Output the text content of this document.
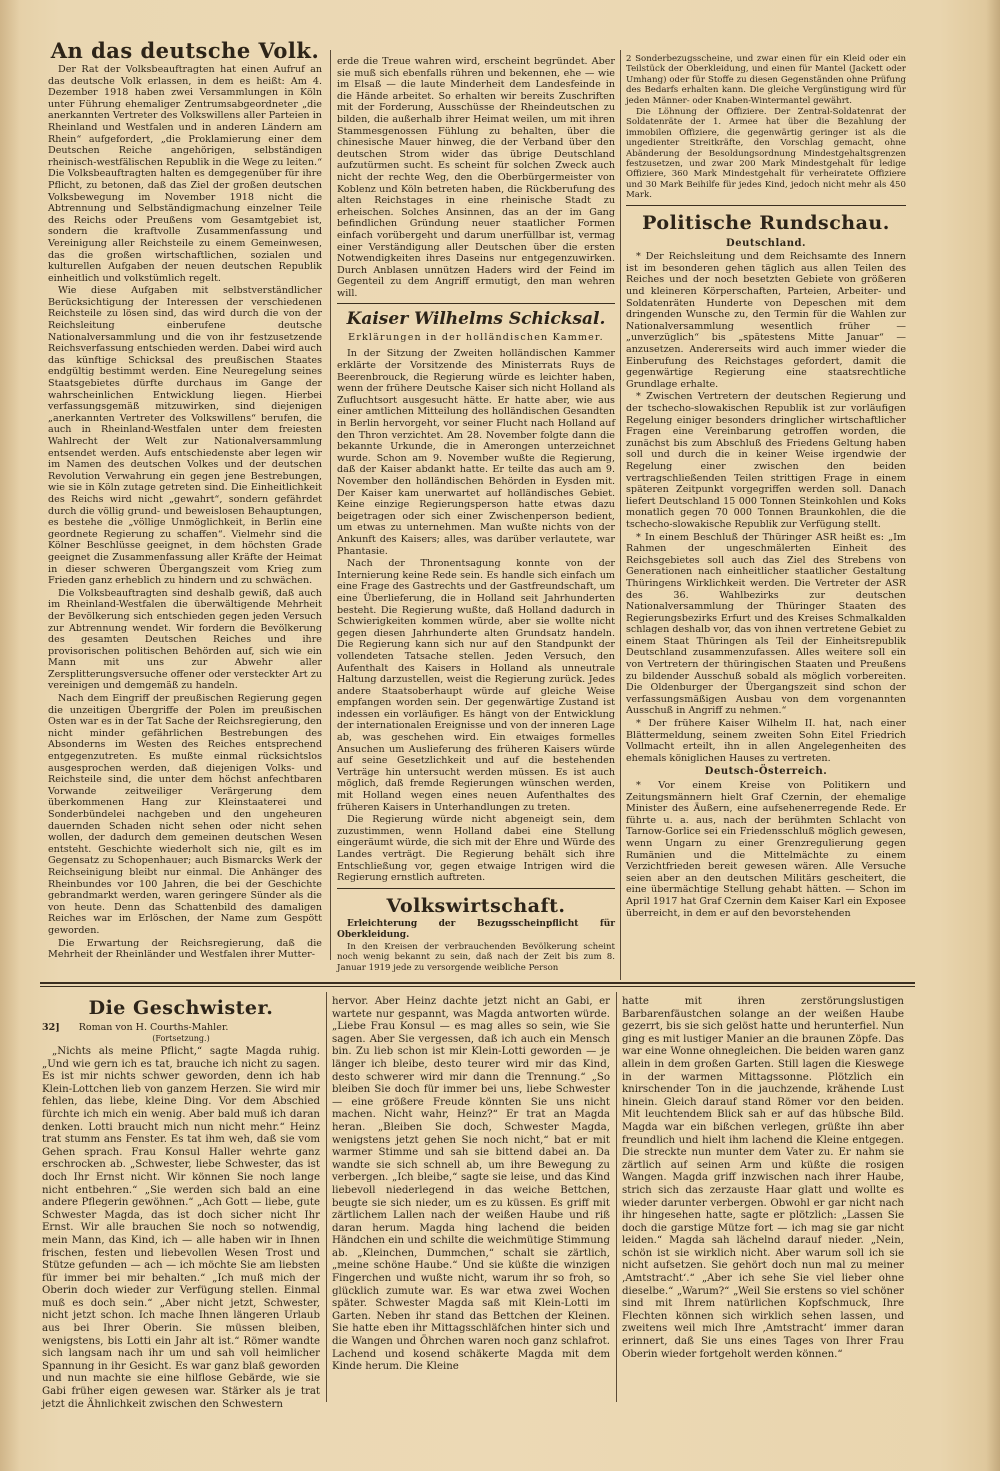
An das deutsche Volk.

Der Rat der Volksbeauftragten hat einen Aufruf an das deutsche Volk erlassen, in dem es heißt: Am 4. Dezember 1918 haben zwei Versammlungen in Köln unter Führung ehemaliger Zentrumsabgeordneter „die anerkannten Vertreter des Volkswillens aller Parteien in Rheinland und Westfalen und in anderen Ländern am Rhein“ aufgefordert, „die Proklamierung einer dem Deutschen Reiche angehörigen, selbständigen rheinisch-westfälischen Republik in die Wege zu leiten.“ Die Volksbeauftragten halten es demgegenüber für ihre Pflicht, zu betonen, daß das Ziel der großen deutschen Volksbewegung im November 1918 nicht die Abtrennung und Selbständigmachung einzelner Teile des Reichs oder Preußens vom Gesamtgebiet ist, sondern die kraftvolle Zusammenfassung und Vereinigung aller Reichsteile zu einem Gemeinwesen, das die großen wirtschaftlichen, sozialen und kulturellen Aufgaben der neuen deutschen Republik einheitlich und volkstümlich regelt.

Wie diese Aufgaben mit selbstverständlicher Berücksichtigung der Interessen der verschiedenen Reichsteile zu lösen sind, das wird durch die von der Reichsleitung einberufene deutsche Nationalversammlung und die von ihr festzusetzende Reichsverfassung entschieden werden. Dabei wird auch das künftige Schicksal des preußischen Staates endgültig bestimmt werden. Eine Neuregelung seines Staatsgebietes dürfte durchaus im Gange der wahrscheinlichen Entwicklung liegen. Hierbei verfassungsgemäß mitzuwirken, sind diejenigen „anerkannten Vertreter des Volkswillens“ berufen, die auch in Rheinland-Westfalen unter dem freiesten Wahlrecht der Welt zur Nationalversammlung entsendet werden. Aufs entschiedenste aber legen wir im Namen des deutschen Volkes und der deutschen Revolution Verwahrung ein gegen jene Bestrebungen, wie sie in Köln zutage getreten sind. Die Einheitlichkeit des Reichs wird nicht „gewahrt“, sondern gefährdet durch die völlig grund- und beweislosen Behauptungen, es bestehe die „völlige Unmöglichkeit, in Berlin eine geordnete Regierung zu schaffen“. Vielmehr sind die Kölner Beschlüsse geeignet, in dem höchsten Grade geeignet die Zusammenfassung aller Kräfte der Heimat in dieser schweren Übergangszeit vom Krieg zum Frieden ganz erheblich zu hindern und zu schwächen.

Die Volksbeauftragten sind deshalb gewiß, daß auch im Rheinland-Westfalen die überwältigende Mehrheit der Bevölkerung sich entschieden gegen jeden Versuch zur Abtrennung wendet. Wir fordern die Bevölkerung des gesamten Deutschen Reiches und ihre provisorischen politischen Behörden auf, sich wie ein Mann mit uns zur Abwehr aller Zersplitterungsversuche offener oder versteckter Art zu vereinigen und demgemäß zu handeln.

Nach dem Eingriff der preußischen Regierung gegen die unzeitigen Übergriffe der Polen im preußischen Osten war es in der Tat Sache der Reichsregierung, den nicht minder gefährlichen Bestrebungen des Absonderns im Westen des Reiches entsprechend entgegenzutreten. Es mußte einmal rücksichtslos ausgesprochen werden, daß diejenigen Volks- und Reichsteile sind, die unter dem höchst anfechtbaren Vorwande zeitweiliger Verärgerung dem überkommenen Hang zur Kleinstaaterei und Sonderbündelei nachgeben und den ungeheuren dauernden Schaden nicht sehen oder nicht sehen wollen, der dadurch dem gemeinen deutschen Wesen entsteht. Geschichte wiederholt sich nie, gilt es im Gegensatz zu Schopenhauer; auch Bismarcks Werk der Reichseinigung bleibt nur einmal. Die Anhänger des Rheinbundes vor 100 Jahren, die bei der Geschichte gebrandmarkt werden, waren geringere Sünder als die von heute. Denn das Schattenbild des damaligen Reiches war im Erlöschen, der Name zum Gespött geworden.

Die Erwartung der Reichsregierung, daß die Mehrheit der Rheinländer und Westfalen ihrer Mutter-

erde die Treue wahren wird, erscheint begründet. Aber sie muß sich ebenfalls rühren und bekennen, ehe — wie im Elsaß — die laute Minderheit dem Landesfeinde in die Hände arbeitet. So erhalten wir bereits Zuschriften mit der Forderung, Ausschüsse der Rheindeutschen zu bilden, die außerhalb ihrer Heimat weilen, um mit ihren Stammesgenossen Fühlung zu behalten, über die chinesische Mauer hinweg, die der Verband über den deutschen Strom wider das übrige Deutschland aufzutürmen sucht. Es scheint für solchen Zweck auch nicht der rechte Weg, den die Oberbürgermeister von Koblenz und Köln betreten haben, die Rückberufung des alten Reichstages in eine rheinische Stadt zu erheischen. Solches Ansinnen, das an der im Gang befindlichen Gründung neuer staatlicher Formen einfach vorübergeht und darum unerfüllbar ist, vermag einer Verständigung aller Deutschen über die ersten Notwendigkeiten ihres Daseins nur entgegenzuwirken. Durch Anblasen unnützen Haders wird der Feind im Gegenteil zu dem Angriff ermutigt, den man wehren will.

Kaiser Wilhelms Schicksal.
Erklärungen in der holländischen Kammer.

In der Sitzung der Zweiten holländischen Kammer erklärte der Vorsitzende des Ministerrats Ruys de Beerenbrouck, die Regierung würde es leichter haben, wenn der frühere Deutsche Kaiser sich nicht Holland als Zufluchtsort ausgesucht hätte. Er hatte aber, wie aus einer amtlichen Mitteilung des holländischen Gesandten in Berlin hervorgeht, vor seiner Flucht nach Holland auf den Thron verzichtet. Am 28. November folgte dann die bekannte Urkunde, die in Amerongen unterzeichnet wurde. Schon am 9. November wußte die Regierung, daß der Kaiser abdankt hatte. Er teilte das auch am 9. November den holländischen Behörden in Eysden mit. Der Kaiser kam unerwartet auf holländisches Gebiet. Keine einzige Regierungsperson hatte etwas dazu beigetragen oder sich einer Zwischenperson bedient, um etwas zu unternehmen. Man wußte nichts von der Ankunft des Kaisers; alles, was darüber verlautete, war Phantasie.

Nach der Thronentsagung konnte von der Internierung keine Rede sein. Es handle sich einfach um eine Frage des Gastrechts und der Gastfreundschaft, um eine Überlieferung, die in Holland seit Jahrhunderten besteht. Die Regierung wußte, daß Holland dadurch in Schwierigkeiten kommen würde, aber sie wollte nicht gegen diesen Jahrhunderte alten Grundsatz handeln. Die Regierung kann sich nur auf den Standpunkt der vollendeten Tatsache stellen. Jeden Versuch, den Aufenthalt des Kaisers in Holland als unneutrale Haltung darzustellen, weist die Regierung zurück. Jedes andere Staatsoberhaupt würde auf gleiche Weise empfangen worden sein. Der gegenwärtige Zustand ist indessen ein vorläufiger. Es hängt von der Entwicklung der internationalen Ereignisse und von der inneren Lage ab, was geschehen wird. Ein etwaiges formelles Ansuchen um Auslieferung des früheren Kaisers würde auf seine Gesetzlichkeit und auf die bestehenden Verträge hin untersucht werden müssen. Es ist auch möglich, daß fremde Regierungen wünschen werden, mit Holland wegen eines neuen Aufenthaltes des früheren Kaisers in Unterhandlungen zu treten.

Die Regierung würde nicht abgeneigt sein, dem zuzustimmen, wenn Holland dabei eine Stellung eingeräumt würde, die sich mit der Ehre und Würde des Landes verträgt. Die Regierung behält sich ihre Entschließung vor, gegen etwaige Intrigen wird die Regierung ernstlich auftreten.

Volkswirtschaft.

Erleichterung der Bezugsscheinpflicht für Oberkleidung.

In den Kreisen der verbrauchenden Bevölkerung scheint noch wenig bekannt zu sein, daß nach der Zeit bis zum 8. Januar 1919 jede zu versorgende weibliche Person

2 Sonderbezugsscheine, und zwar einen für ein Kleid oder ein Teilstück der Oberkleidung, und einen für Mantel (Jackett oder Umhang) oder für Stoffe zu diesen Gegenständen ohne Prüfung des Bedarfs erhalten kann. Die gleiche Vergünstigung wird für jeden Männer- oder Knaben-Wintermantel gewährt.

Die Löhnung der Offiziere. Der Zentral-Soldatenrat der Soldatenräte der 1. Armee hat über die Bezahlung der immobilen Offiziere, die gegenwärtig geringer ist als die ungedienter Streitkräfte, den Vorschlag gemacht, ohne Abänderung der Besoldungsordnung Mindestgehaltsgrenzen festzusetzen, und zwar 200 Mark Mindestgehalt für ledige Offiziere, 360 Mark Mindestgehalt für verheiratete Offiziere und 30 Mark Beihilfe für jedes Kind, jedoch nicht mehr als 450 Mark.

Politische Rundschau.
Deutschland.

* Der Reichsleitung und dem Reichsamte des Innern ist im besonderen gehen täglich aus allen Teilen des Reiches und der noch besetzten Gebiete von größeren und kleineren Körperschaften, Parteien, Arbeiter- und Soldatenräten Hunderte von Depeschen mit dem dringenden Wunsche zu, den Termin für die Wahlen zur Nationalversammlung wesentlich früher — „unverzüglich“ bis „spätestens Mitte Januar“ — anzusetzen. Andererseits wird auch immer wieder die Einberufung des Reichstages gefordert, damit die gegenwärtige Regierung eine staatsrechtliche Grundlage erhalte.

* Zwischen Vertretern der deutschen Regierung und der tschecho-slowakischen Republik ist zur vorläufigen Regelung einiger besonders dringlicher wirtschaftlicher Fragen eine Vereinbarung getroffen worden, die zunächst bis zum Abschluß des Friedens Geltung haben soll und durch die in keiner Weise irgendwie der Regelung einer zwischen den beiden vertragschließenden Teilen strittigen Frage in einem späteren Zeitpunkt vorgegriffen werden soll. Danach liefert Deutschland 15 000 Tonnen Steinkohlen und Koks monatlich gegen 70 000 Tonnen Braunkohlen, die die tschecho-slowakische Republik zur Verfügung stellt.

* In einem Beschluß der Thüringer ASR heißt es: „Im Rahmen der ungeschmälerten Einheit des Reichsgebietes soll auch das Ziel des Strebens von Generationen nach einheitlicher staatlicher Gestaltung Thüringens Wirklichkeit werden. Die Vertreter der ASR des 36. Wahlbezirks zur deutschen Nationalversammlung der Thüringer Staaten des Regierungsbezirks Erfurt und des Kreises Schmalkalden schlagen deshalb vor, das von ihnen vertretene Gebiet zu einem Staat Thüringen als Teil der Einheitsrepublik Deutschland zusammenzufassen. Alles weitere soll ein von Vertretern der thüringischen Staaten und Preußens zu bildender Ausschuß sobald als möglich vorbereiten. Die Oldenburger der Übergangszeit sind schon der verfassungsmäßigen Ausbau von dem vorgenannten Ausschuß in Angriff zu nehmen.“

* Der frühere Kaiser Wilhelm II. hat, nach einer Blättermeldung, seinem zweiten Sohn Eitel Friedrich Vollmacht erteilt, ihn in allen Angelegenheiten des ehemals königlichen Hauses zu vertreten.

Deutsch-Österreich.

* Vor einem Kreise von Politikern und Zeitungsmännern hielt Graf Czernin, der ehemalige Minister des Äußern, eine aufsehenerregende Rede. Er führte u. a. aus, nach der berühmten Schlacht von Tarnow-Gorlice sei ein Friedensschluß möglich gewesen, wenn Ungarn zu einer Grenzregulierung gegen Rumänien und die Mittelmächte zu einem Verzichtfrieden bereit gewesen wären. Alle Versuche seien aber an den deutschen Militärs gescheitert, die eine übermächtige Stellung gehabt hätten. — Schon im April 1917 hat Graf Czernin dem Kaiser Karl ein Exposee überreicht, in dem er auf den bevorstehenden

Die Geschwister.
32] Roman von H. Courths-Mahler.
(Fortsetzung.)

„Nichts als meine Pflicht,“ sagte Magda ruhig. „Und wie gern ich es tat, brauche ich nicht zu sagen. Es ist mir nichts schwer geworden, denn ich hab Klein-Lottchen lieb von ganzem Herzen. Sie wird mir fehlen, das liebe, kleine Ding. Vor dem Abschied fürchte ich mich ein wenig. Aber bald muß ich daran denken. Lotti braucht mich nun nicht mehr.“ Heinz trat stumm ans Fenster. Es tat ihm weh, daß sie vom Gehen sprach. Frau Konsul Haller wehrte ganz erschrocken ab. „Schwester, liebe Schwester, das ist doch Ihr Ernst nicht. Wir können Sie noch lange nicht entbehren.“ „Sie werden sich bald an eine andere Pflegerin gewöhnen.“ „Ach Gott — liebe, gute Schwester Magda, das ist doch sicher nicht Ihr Ernst. Wir alle brauchen Sie noch so notwendig, mein Mann, das Kind, ich — alle haben wir in Ihnen frischen, festen und liebevollen Wesen Trost und Stütze gefunden — ach — ich möchte Sie am liebsten für immer bei mir behalten.“ „Ich muß mich der Oberin doch wieder zur Verfügung stellen. Einmal muß es doch sein.“ „Aber nicht jetzt, Schwester, nicht jetzt schon. Ich mache Ihnen längeren Urlaub aus bei Ihrer Oberin. Sie müssen bleiben, wenigstens, bis Lotti ein Jahr alt ist.“ Römer wandte sich langsam nach ihr um und sah voll heimlicher Spannung in ihr Gesicht. Es war ganz blaß geworden und nun machte sie eine hilflose Gebärde, wie sie Gabi früher eigen gewesen war. Stärker als je trat jetzt die Ähnlichkeit zwischen den Schwestern

hervor. Aber Heinz dachte jetzt nicht an Gabi, er wartete nur gespannt, was Magda antworten würde. „Liebe Frau Konsul — es mag alles so sein, wie Sie sagen. Aber Sie vergessen, daß ich auch ein Mensch bin. Zu lieb schon ist mir Klein-Lotti geworden — je länger ich bleibe, desto teurer wird mir das Kind, desto schwerer wird mir dann die Trennung.“ „So bleiben Sie doch für immer bei uns, liebe Schwester — eine größere Freude könnten Sie uns nicht machen. Nicht wahr, Heinz?“ Er trat an Magda heran. „Bleiben Sie doch, Schwester Magda, wenigstens jetzt gehen Sie noch nicht,“ bat er mit warmer Stimme und sah sie bittend dabei an. Da wandte sie sich schnell ab, um ihre Bewegung zu verbergen. „Ich bleibe,“ sagte sie leise, und das Kind liebevoll niederlegend in das weiche Bettchen, beugte sie sich nieder, um es zu küssen. Es griff mit zärtlichem Lallen nach der weißen Haube und riß daran herum. Magda hing lachend die beiden Händchen ein und schilte die weichmütige Stimmung ab. „Kleinchen, Dummchen,“ schalt sie zärtlich, „meine schöne Haube.“ Und sie küßte die winzigen Fingerchen und wußte nicht, warum ihr so froh, so glücklich zumute war. Es war etwa zwei Wochen später. Schwester Magda saß mit Klein-Lotti im Garten. Neben ihr stand das Bettchen der Kleinen. Sie hatte eben ihr Mittagsschläfchen hinter sich und die Wangen und Öhrchen waren noch ganz schlafrot. Lachend und kosend schäkerte Magda mit dem Kinde herum. Die Kleine

hatte mit ihren zerstörungslustigen Barbarenfäustchen solange an der weißen Haube gezerrt, bis sie sich gelöst hatte und herunterfiel. Nun ging es mit lustiger Manier an die braunen Zöpfe. Das war eine Wonne ohnegleichen. Die beiden waren ganz allein in dem großen Garten. Still lagen die Kieswege in der warmen Mittagssonne. Plötzlich ein knirschender Ton in die jauchzende, krähende Lust hinein. Gleich darauf stand Römer vor den beiden. Mit leuchtendem Blick sah er auf das hübsche Bild. Magda war ein bißchen verlegen, grüßte ihn aber freundlich und hielt ihm lachend die Kleine entgegen. Die streckte nun munter dem Vater zu. Er nahm sie zärtlich auf seinen Arm und küßte die rosigen Wangen. Magda griff inzwischen nach ihrer Haube, strich sich das zerzauste Haar glatt und wollte es wieder darunter verbergen. Obwohl er gar nicht nach ihr hingesehen hatte, sagte er plötzlich: „Lassen Sie doch die garstige Mütze fort — ich mag sie gar nicht leiden.“ Magda sah lächelnd darauf nieder. „Nein, schön ist sie wirklich nicht. Aber warum soll ich sie nicht aufsetzen. Sie gehört doch nun mal zu meiner ‚Amtstracht‘.“ „Aber ich sehe Sie viel lieber ohne dieselbe.“ „Warum?“ „Weil Sie erstens so viel schöner sind mit Ihrem natürlichen Kopfschmuck, Ihre Flechten können sich wirklich sehen lassen, und zweitens weil mich Ihre ‚Amtstracht‘ immer daran erinnert, daß Sie uns eines Tages von Ihrer Frau Oberin wieder fortgeholt werden können.“
